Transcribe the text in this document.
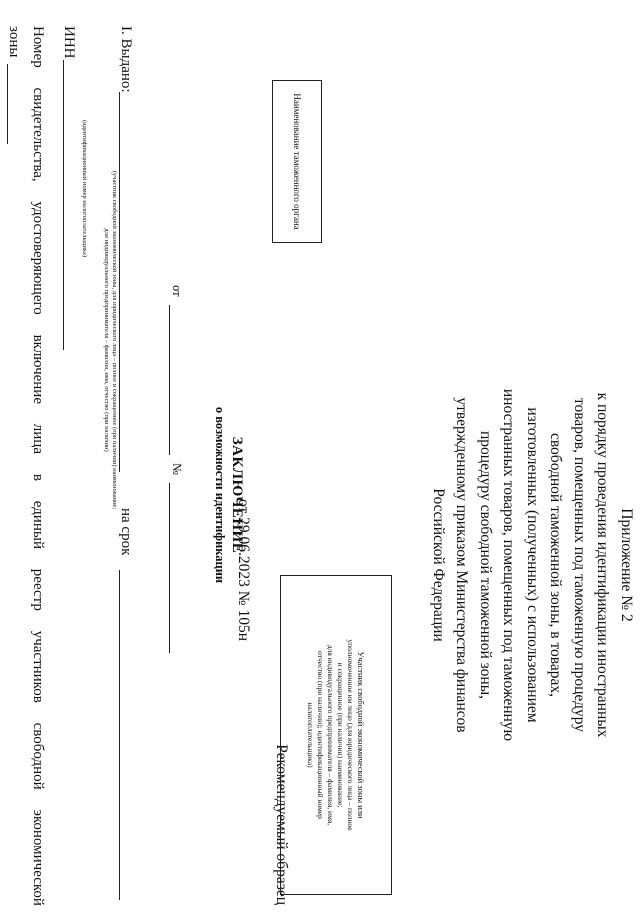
Приложение № 2
к порядку проведения идентификации иностранных
товаров, помещенных под таможенную процедуру
свободной таможенной зоны, в товарах,
изготовленных (полученных) с использованием
иностранных товаров, помещенных под таможенную
процедуру свободной таможенной зоны,
утвержденному приказом Министерства финансов
Российской Федерации
от 29.06.2023 № 105н
Рекомендуемый образец
Участник свободной экономической зоны или
уполномоченное им лицо (для юридического лица – полное
и сокращенное (при наличии) наименование;
для индивидуального предпринимателя – фамилия, имя,
отчество (при наличии); идентификационный номер
налогоплательщика)
Наименование таможенного органа
ЗАКЛЮЧЕНИЕ
о возможности идентификации
от
№
I. Выдано:
на срок
(участник свободной экономической зоны, для юридического лица – полное и сокращенное (при наличии) наименование;
для индивидуального предпринимателя – фамилия, имя, отчество (при наличии)
(идентификационный номер налогоплательщика)
ИНН
Номер
свидетельства,
удостоверяющего
включение
лица
в
единый
реестр
участников
свободной
экономической
зоны
